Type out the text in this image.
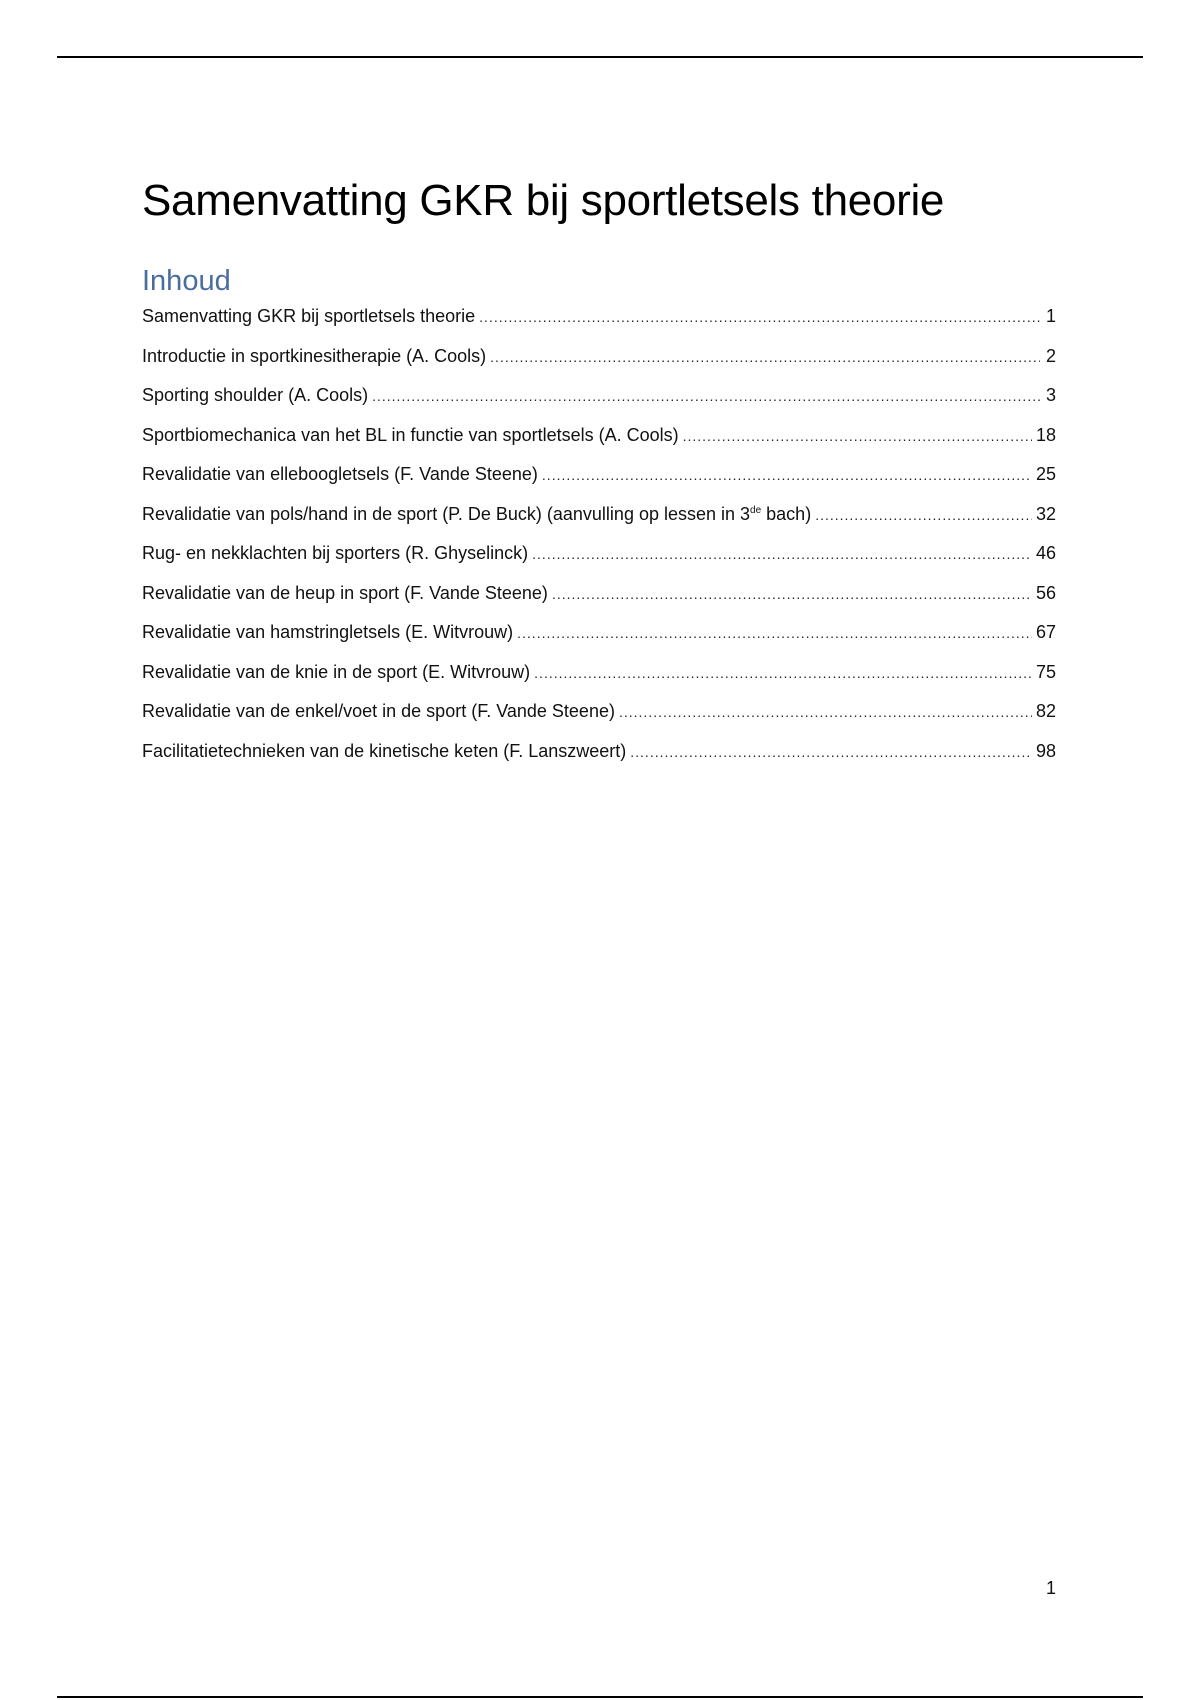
Samenvatting GKR bij sportletsels theorie
Inhoud
Samenvatting GKR bij sportletsels theorie .....	1
Introductie in sportkinesitherapie (A. Cools) .....	2
Sporting shoulder (A. Cools) .....	3
Sportbiomechanica van het BL in functie van sportletsels (A. Cools) .....	18
Revalidatie van elleboogletsels (F. Vande Steene) .....	25
Revalidatie van pols/hand in de sport (P. De Buck) (aanvulling op lessen in 3de bach) .....	32
Rug- en nekklachten bij sporters (R. Ghyselinck) .....	46
Revalidatie van de heup in sport (F. Vande Steene) .....	56
Revalidatie van hamstringletsels (E. Witvrouw) .....	67
Revalidatie van de knie in de sport (E. Witvrouw) .....	75
Revalidatie van de enkel/voet in de sport (F. Vande Steene) .....	82
Facilitatietechnieken van de kinetische keten (F. Lanszweert) .....	98
1
